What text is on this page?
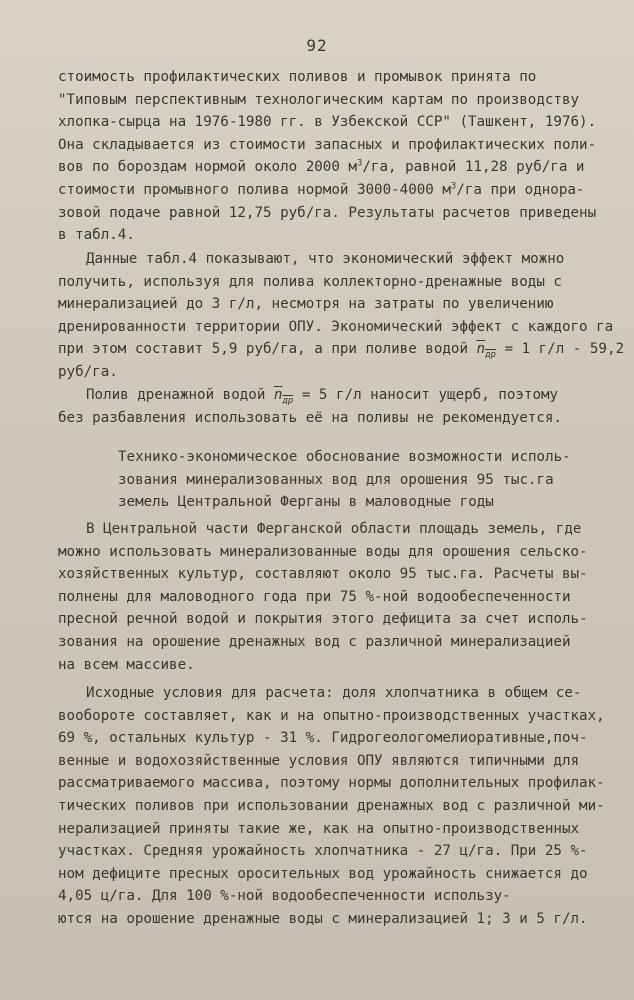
92
стоимость профилактических поливов и промывок принята по
"Типовым перспективным технологическим картам по производству
хлопка-сырца на 1976-1980 гг. в Узбекской ССР" (Ташкент, 1976).
Она складывается из стоимости запасных и профилактических поли-
вов по бороздам нормой около 2000 $м^3/га$, равной 11,28 руб/га и
стоимости промывного полива нормой 3000-4000 $м^3/га$ при однора-
зовой подаче равной 12,75 руб/га. Результаты расчетов приведены
в табл.4.
Данные табл.4 показывают, что экономический эффект можно
получить, используя для полива коллекторно-дренажные воды с
минерализацией до 3 г/л, несмотря на затраты по увеличению
дренированности территории ОПУ. Экономический эффект с каждого га
при этом составит 5,9 руб/га, а при поливе водой $n_{др} = 1$ г/л - 59,2
руб/га.
Полив дренажной водой $n_{др} = 5$ г/л наносит ущерб, поэтому
без разбавления использовать её на поливы не рекомендуется.
Технико-экономическое обоснование возможности исполь-
зования минерализованных вод для орошения 95 тыс.га
земель Центральной Ферганы в маловодные годы
В Центральной части Ферганской области площадь земель, где
можно использовать минерализованные воды для орошения сельско-
хозяйственных культур, составляют около 95 тыс.га. Расчеты вы-
полнены для маловодного года при 75 %-ной водообеспеченности
пресной речной водой и покрытия этого дефицита за счет исполь-
зования на орошение дренажных вод с различной минерализацией
на всем массиве.
Исходные условия для расчета: доля хлопчатника в общем се-
вообороте составляет, как и на опытно-производственных участках,
69 %, остальных культур - 31 %. Гидрогеологомелиоративные,поч-
венные и водохозяйственные условия ОПУ являются типичными для
рассматриваемого массива, поэтому нормы дополнительных профилак-
тических поливов при использовании дренажных вод с различной ми-
нерализацией приняты такие же, как на опытно-производственных
участках. Средняя урожайность хлопчатника - 27 ц/га. При 25 %-
ном дефиците пресных оросительных вод урожайность снижается до
4,05 ц/га. Для 100 %-ной водообеспеченности использу-
ются на орошение дренажные воды с минерализацией 1; 3 и 5 г/л.
